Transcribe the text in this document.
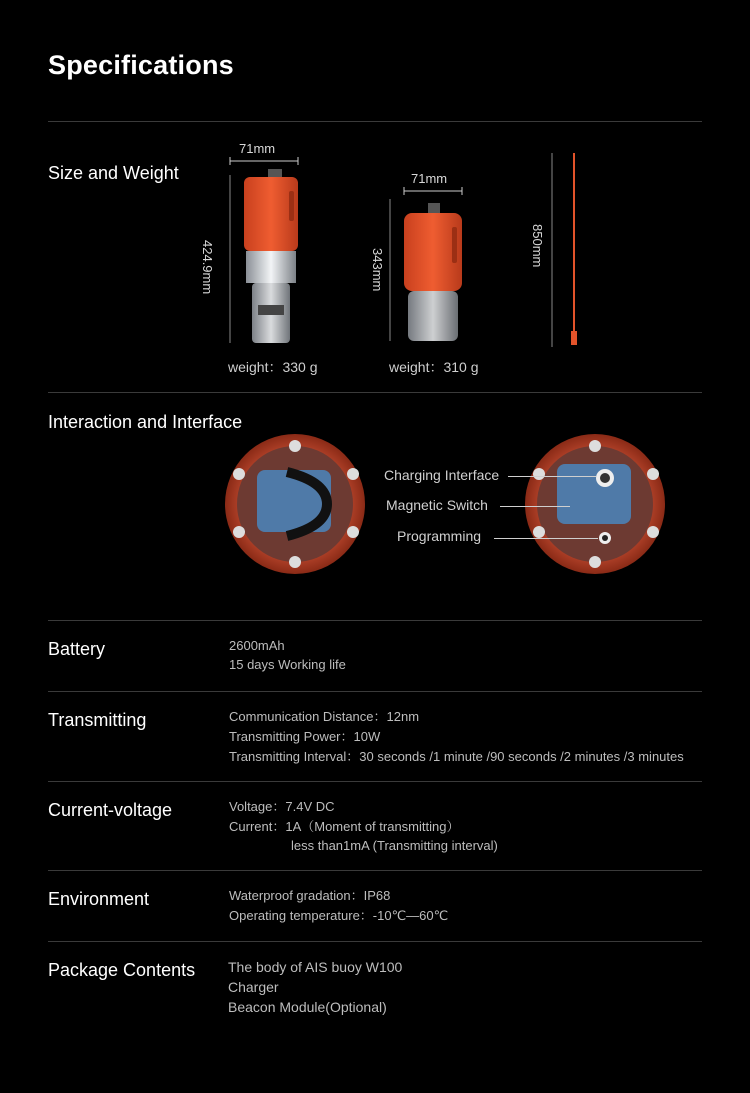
Specifications
Size and Weight
71mm
424.9mm
71mm
343mm
850mm
weight：330 g	weight：310 g
Interaction and Interface
Charging Interface
Magnetic Switch
Programming
Battery	2600mAh
15 days Working life
Transmitting	Communication Distance：12nm
Transmitting Power：10W
Transmitting Interval：30 seconds /1 minute /90 seconds /2 minutes /3 minutes
Current-voltage	Voltage：7.4V DC
Current：1A（Moment of transmitting）
less than1mA (Transmitting interval)
Environment	Waterproof gradation：IP68
Operating temperature：-10℃—60℃
Package Contents The body of AIS buoy W100
Charger
Beacon Module(Optional)
